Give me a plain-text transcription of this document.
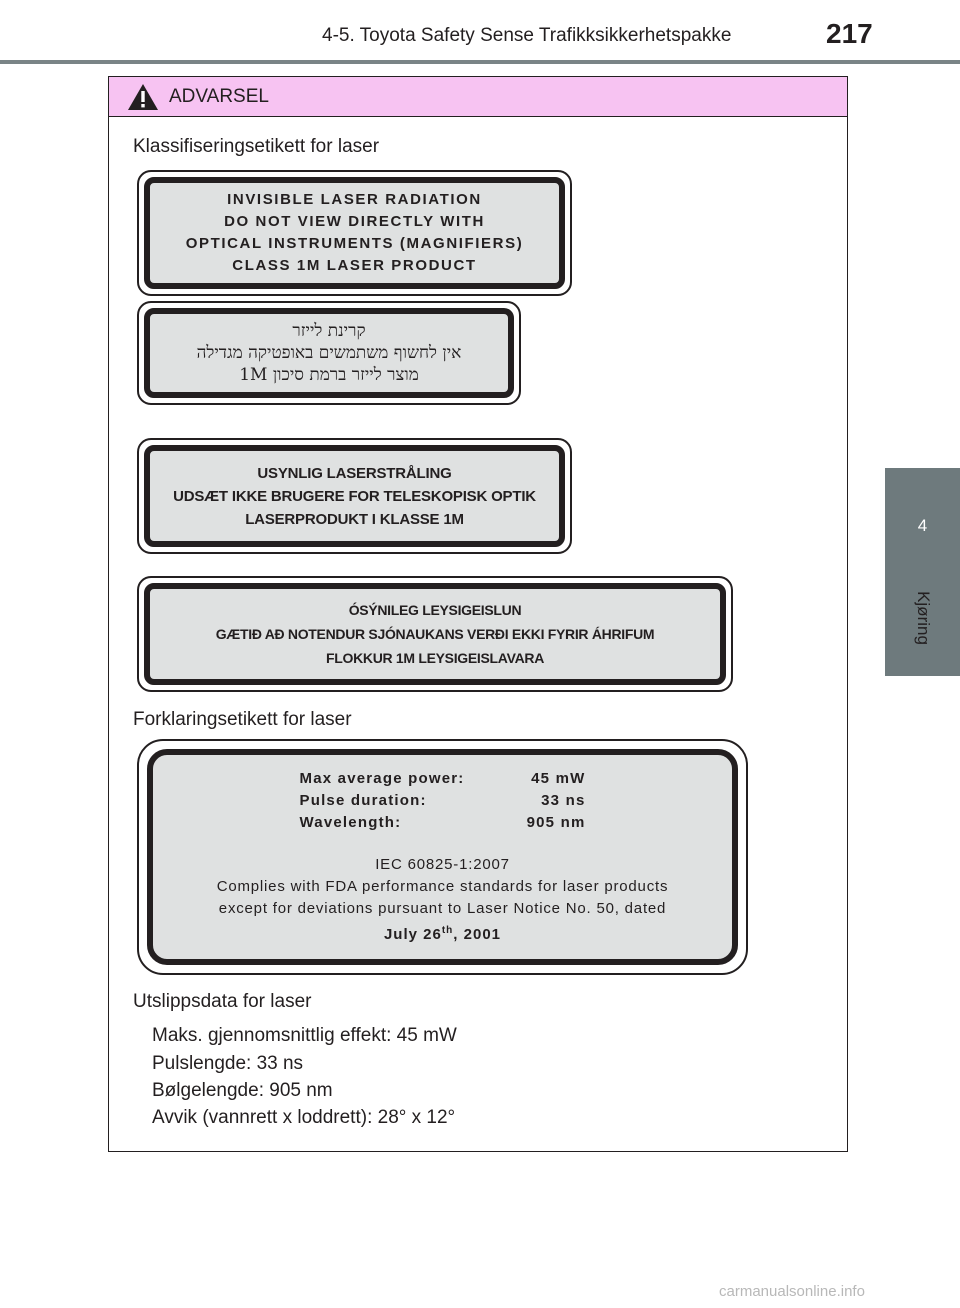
4-5. Toyota Safety Sense Trafikksikkerhetspakke	217
4
Kjøring
ADVARSEL
Klassifiseringsetikett for laser
INVISIBLE LASER RADIATION
DO NOT VIEW DIRECTLY WITH
OPTICAL INSTRUMENTS (MAGNIFIERS)
CLASS 1M LASER PRODUCT
קרינת לייזר
אין לחשוף משתמשים באופטיקה מגדילה
מוצר לייזר ברמת סיכון 1M
USYNLIG LASERSTRÅLING
UDSÆT IKKE BRUGERE FOR TELESKOPISK OPTIK
LASERPRODUKT I KLASSE 1M
ÓSÝNILEG LEYSIGEISLUN
GÆTIÐ AÐ NOTENDUR SJÓNAUKANS VERÐI EKKI FYRIR ÁHRIFUM
FLOKKUR 1M LEYSIGEISLAVARA
Forklaringsetikett for laser
Max average power:	45 mW
Pulse duration:	33 ns
Wavelength:	905 nm
IEC 60825-1:2007
Complies with FDA performance standards for laser products
except for deviations pursuant to Laser Notice No. 50, dated
July 26th, 2001
Utslippsdata for laser
Maks. gjennomsnittlig effekt: 45 mW
Pulslengde: 33 ns
Bølgelengde: 905 nm
Avvik (vannrett x loddrett): 28° x 12°
carmanualsonline.info
